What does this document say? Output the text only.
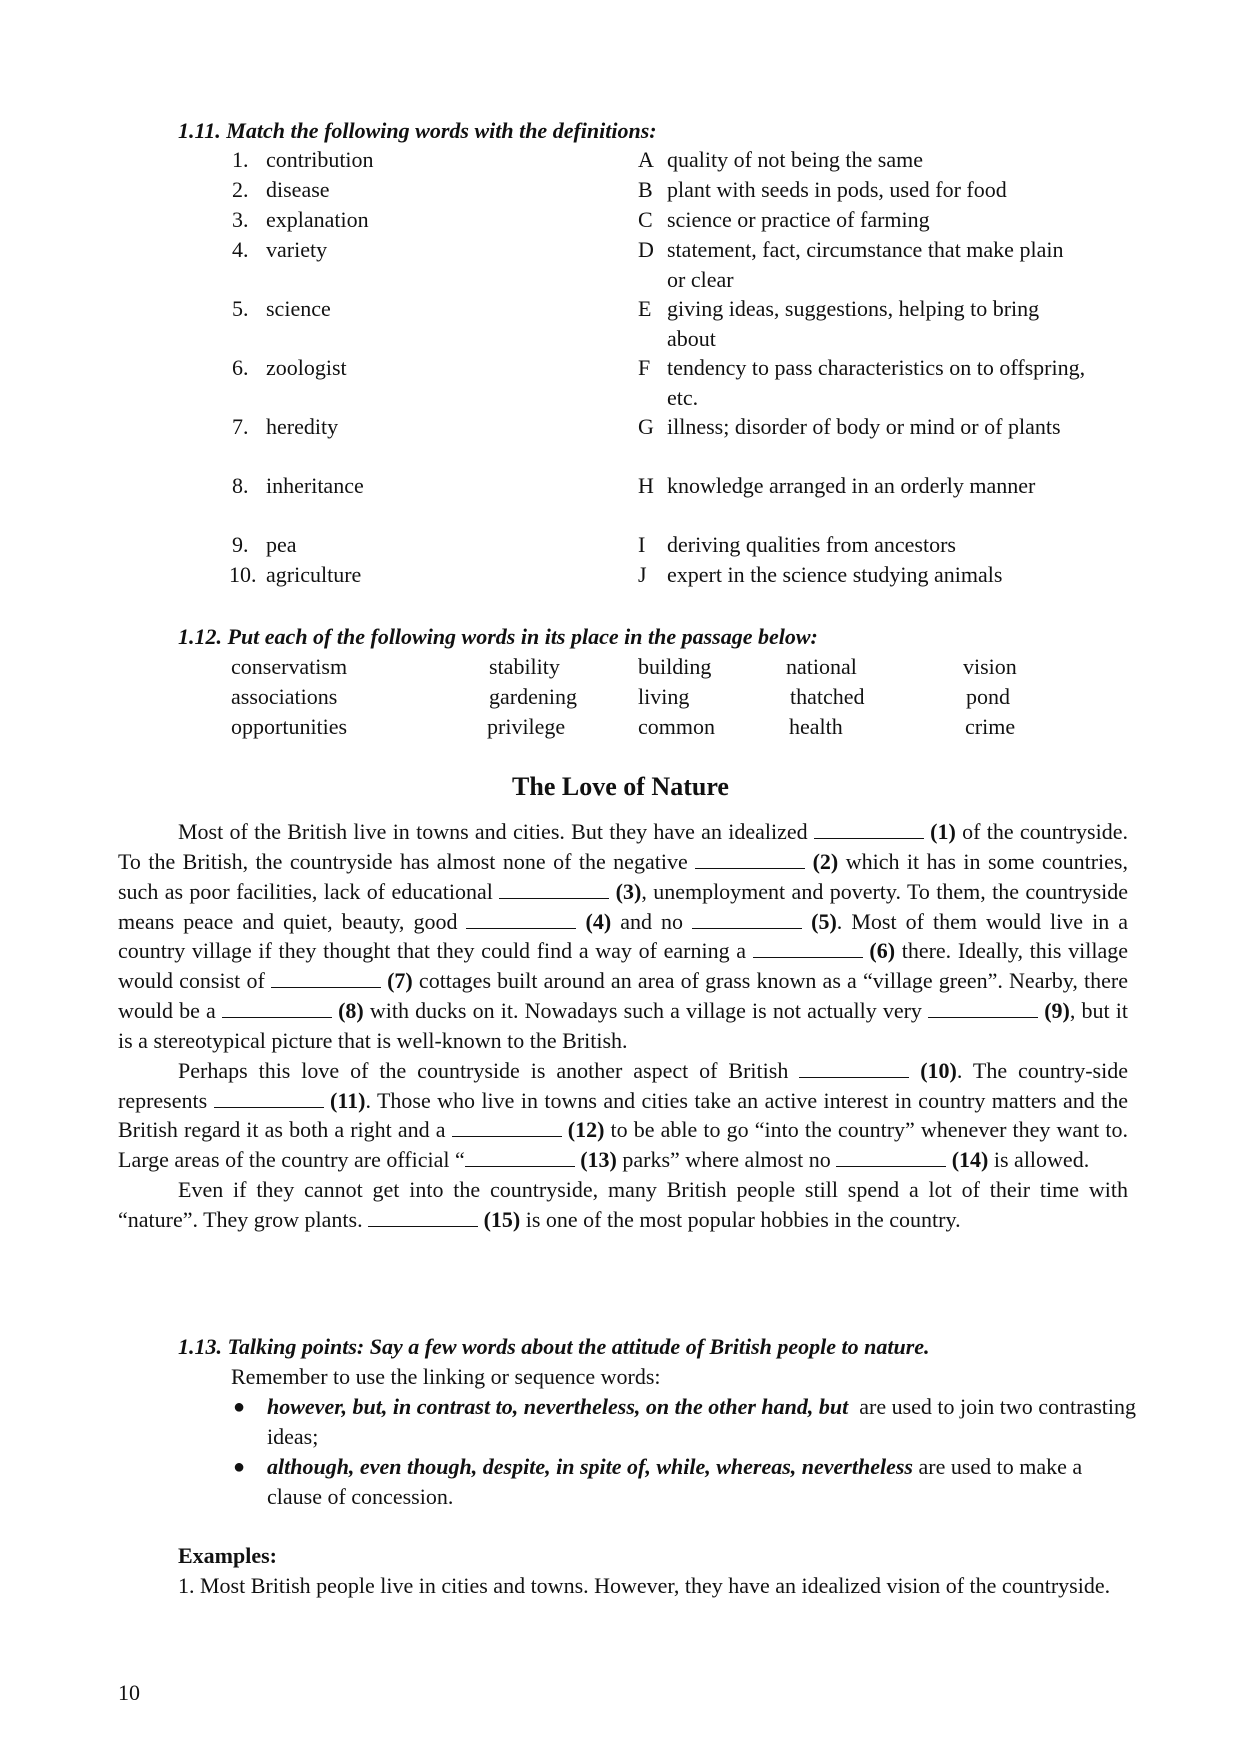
1.11. Match the following words with the definitions:
1. contribution	A quality of not being the same
2. disease	B plant with seeds in pods, used for food
3. explanation	C science or practice of farming
4. variety	D statement, fact, circumstance that make plain or clear
5. science	E giving ideas, suggestions, helping to bring about
6. zoologist	F tendency to pass characteristics on to offspring, etc.
7. heredity	G illness; disorder of body or mind or of plants
8. inheritance	H knowledge arranged in an orderly manner
9. pea	I deriving qualities from ancestors
10. agriculture	J expert in the science studying animals
1.12. Put each of the following words in its place in the passage below:
conservatism	stability	building	national	vision
associations	gardening	living	thatched	pond
opportunities	privilege	common	health	crime
The Love of Nature

Most of the British live in towns and cities. But they have an idealized	(1) of the countryside. To the British, the countryside has almost none of the negative	(2) which it has in some countries, such as poor facilities, lack of educational	(3), unemployment and poverty. To them, the countryside means peace and quiet, beauty, good	(4) and no	(5). Most of them would live in a country village if they thought that they could find a way of earning a	(6) there. Ideally, this village would consist of	(7) cottages built around an area of grass known as a “village green”. Nearby, there would be a	(8) with ducks on it. Nowadays such a village is not actually very	(9), but it is a stereotypical picture that is well-known to the British.

Perhaps this love of the countryside is another aspect of British	(10). The country-side represents	(11). Those who live in towns and cities take an active interest in country matters and the British regard it as both a right and a	(12) to be able to go “into the country” whenever they want to. Large areas of the country are official “	(13) parks” where almost no	(14) is allowed.

Even if they cannot get into the countryside, many British people still spend a lot of their time with “nature”. They grow plants.	(15) is one of the most popular hobbies in the country.

1.13. Talking points: Say a few words about the attitude of British people to nature.
Remember to use the linking or sequence words:
● however, but, in contrast to, nevertheless, on the other hand, but are used to join two contrasting ideas;
● although, even though, despite, in spite of, while, whereas, nevertheless are used to make a clause of concession.
Examples:

1. Most British people live in cities and towns. However, they have an idealized vision of the countryside.

10
